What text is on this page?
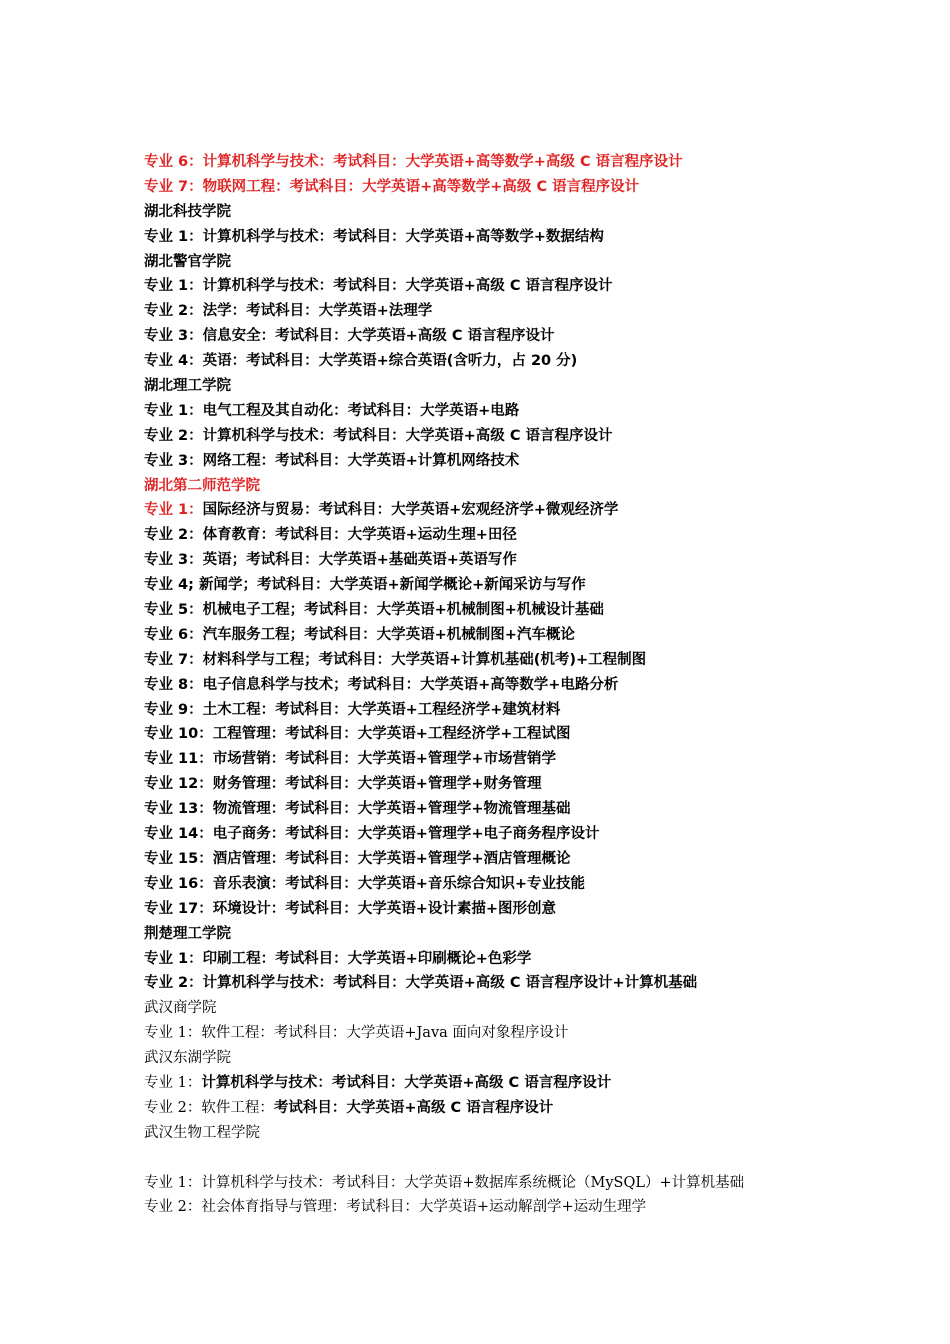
专业 6：计算机科学与技术：考试科目：大学英语+高等数学+高级 C 语言程序设计
专业 7：物联网工程：考试科目：大学英语+高等数学+高级 C 语言程序设计
湖北科技学院
专业 1：计算机科学与技术：考试科目：大学英语+高等数学+数据结构
湖北警官学院
专业 1：计算机科学与技术：考试科目：大学英语+高级 C 语言程序设计
专业 2：法学：考试科目：大学英语+法理学
专业 3：信息安全：考试科目：大学英语+高级 C 语言程序设计
专业 4：英语：考试科目：大学英语+综合英语(含听力，占 20 分)
湖北理工学院
专业 1：电气工程及其自动化：考试科目：大学英语+电路
专业 2：计算机科学与技术：考试科目：大学英语+高级 C 语言程序设计
专业 3：网络工程：考试科目：大学英语+计算机网络技术
湖北第二师范学院
专业 1：国际经济与贸易：考试科目：大学英语+宏观经济学+微观经济学
专业 2：体育教育：考试科目：大学英语+运动生理+田径
专业 3：英语；考试科目：大学英语+基础英语+英语写作
专业 4; 新闻学；考试科目：大学英语+新闻学概论+新闻采访与写作
专业 5：机械电子工程；考试科目：大学英语+机械制图+机械设计基础
专业 6：汽车服务工程；考试科目：大学英语+机械制图+汽车概论
专业 7：材料科学与工程；考试科目：大学英语+计算机基础(机考)+工程制图
专业 8：电子信息科学与技术；考试科目：大学英语+高等数学+电路分析
专业 9：土木工程：考试科目：大学英语+工程经济学+建筑材料
专业 10：工程管理：考试科目：大学英语+工程经济学+工程试图
专业 11：市场营销：考试科目：大学英语+管理学+市场营销学
专业 12：财务管理：考试科目：大学英语+管理学+财务管理
专业 13：物流管理：考试科目：大学英语+管理学+物流管理基础
专业 14：电子商务：考试科目：大学英语+管理学+电子商务程序设计
专业 15：酒店管理：考试科目：大学英语+管理学+酒店管理概论
专业 16：音乐表演：考试科目：大学英语+音乐综合知识+专业技能
专业 17：环境设计：考试科目：大学英语+设计素描+图形创意
荆楚理工学院
专业 1：印刷工程：考试科目：大学英语+印刷概论+色彩学
专业 2：计算机科学与技术：考试科目：大学英语+高级 C 语言程序设计+计算机基础
武汉商学院
专业 1：软件工程：考试科目：大学英语+Java 面向对象程序设计
武汉东湖学院
专业 1：计算机科学与技术：考试科目：大学英语+高级 C 语言程序设计
专业 2：软件工程：考试科目：大学英语+高级 C 语言程序设计
武汉生物工程学院
专业 1：计算机科学与技术：考试科目：大学英语+数据库系统概论（MySQL）+计算机基础
专业 2：社会体育指导与管理：考试科目：大学英语+运动解剖学+运动生理学
